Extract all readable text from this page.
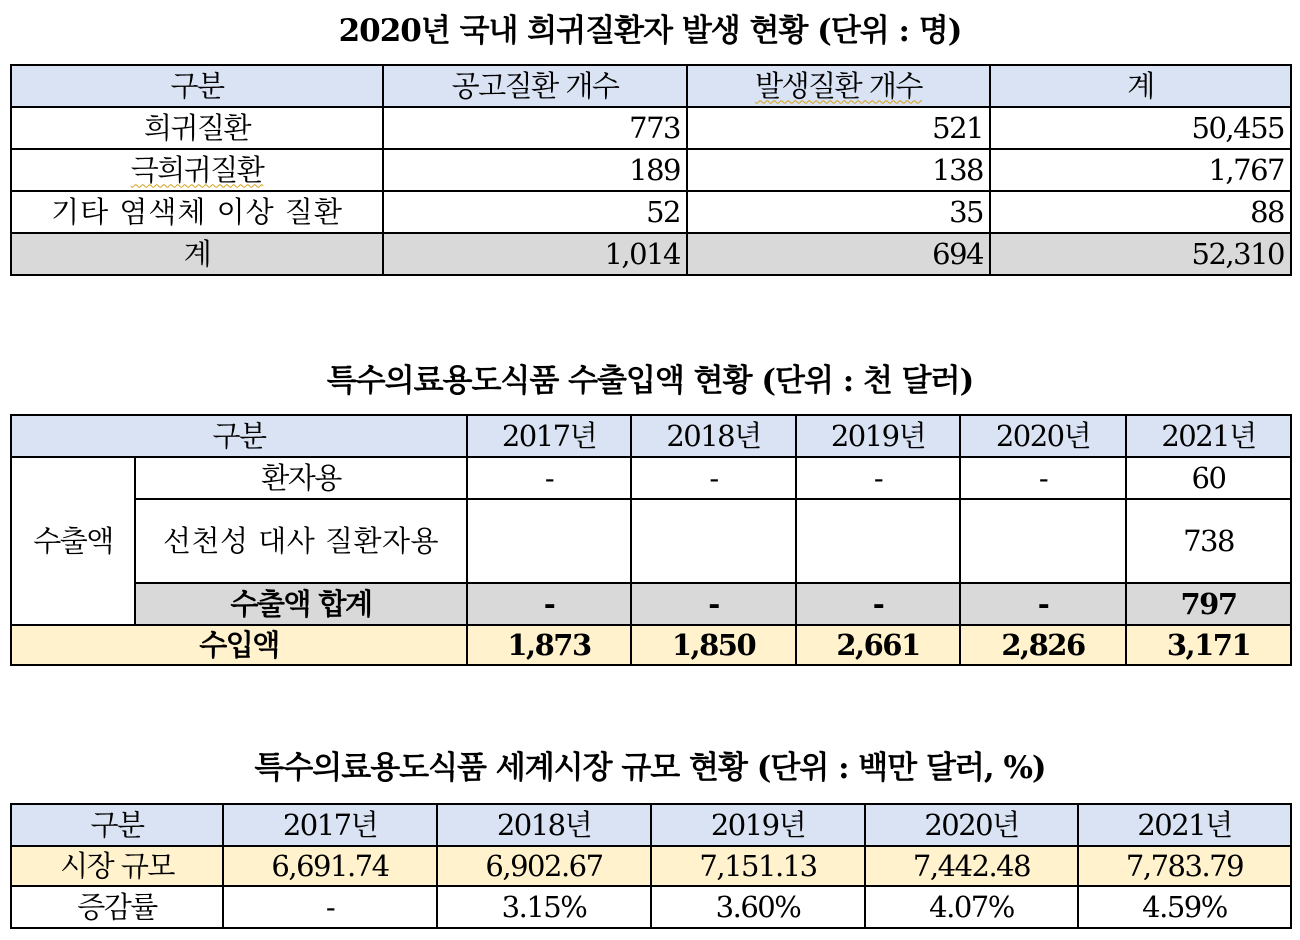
2020년 국내 희귀질환자 발생 현황 (단위 : 명)
구분	공고질환 개수	발생질환 개수	계
희귀질환	773	521	50,455
극희귀질환	189	138	1,767
기타 염색체 이상 질환	52	35	88
계	1,014	694	52,310
특수의료용도식품 수출입액 현황 (단위 : 천 달러)
구분		2017년	2018년	2019년	2020년	2021년
수출액	환자용	-	-	-	-	60
	선천성 대사 질환자용					738
	수출액 합계	-	-	-	-	797
수입액		1,873	1,850	2,661	2,826	3,171
특수의료용도식품 세계시장 규모 현황 (단위 : 백만 달러, %)
구분	2017년	2018년	2019년	2020년	2021년
시장 규모	6,691.74	6,902.67	7,151.13	7,442.48	7,783.79
증감률	-	3.15%	3.60%	4.07%	4.59%
